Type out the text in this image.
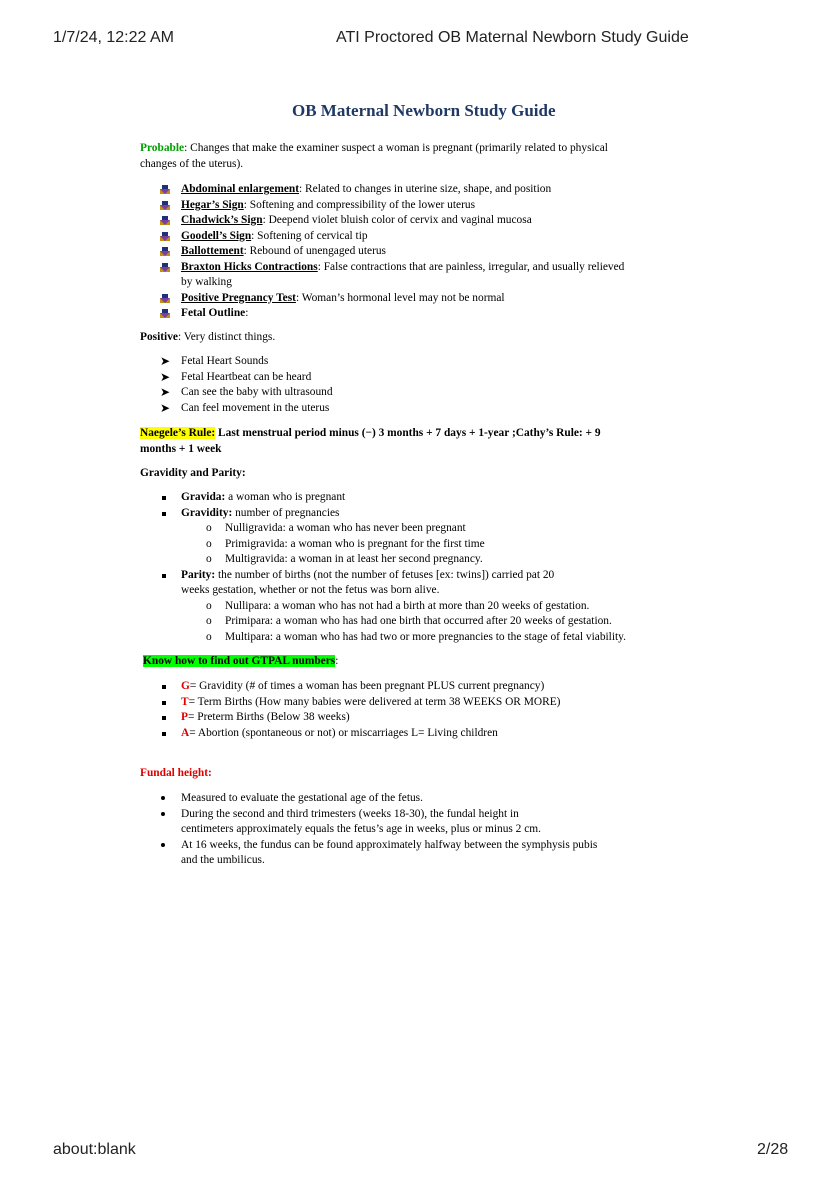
1/7/24, 12:22 AM	ATI Proctored OB Maternal Newborn Study Guide
OB Maternal Newborn Study Guide
Probable: Changes that make the examiner suspect a woman is pregnant (primarily related to physical
changes of the uterus).
Abdominal enlargement: Related to changes in uterine size, shape, and position
Hegar’s Sign: Softening and compressibility of the lower uterus
Chadwick’s Sign: Deepend violet bluish color of cervix and vaginal mucosa
Goodell’s Sign: Softening of cervical tip
Ballottement: Rebound of unengaged uterus
Braxton Hicks Contractions: False contractions that are painless, irregular, and usually relieved
by walking
Positive Pregnancy Test: Woman’s hormonal level may not be normal
Fetal Outline:
Positive: Very distinct things.
➤ Fetal Heart Sounds
➤ Fetal Heartbeat can be heard
➤ Can see the baby with ultrasound
➤ Can feel movement in the uterus
Naegele’s Rule: Last menstrual period minus (−) 3 months + 7 days + 1-year ;Cathy’s Rule: + 9
months + 1 week
Gravidity and Parity:
Gravida: a woman who is pregnant
Gravidity: number of pregnancies
o Nulligravida: a woman who has never been pregnant
o Primigravida: a woman who is pregnant for the first time
o Multigravida: a woman in at least her second pregnancy.
Parity: the number of births (not the number of fetuses [ex: twins]) carried pat 20
weeks gestation, whether or not the fetus was born alive.
o Nullipara: a woman who has not had a birth at more than 20 weeks of gestation.
o Primipara: a woman who has had one birth that occurred after 20 weeks of gestation.
o Multipara: a woman who has had two or more pregnancies to the stage of fetal viability.
Know how to find out GTPAL numbers:
G= Gravidity (# of times a woman has been pregnant PLUS current pregnancy)
T= Term Births (How many babies were delivered at term 38 WEEKS OR MORE)
P= Preterm Births (Below 38 weeks)
A= Abortion (spontaneous or not) or miscarriages L= Living children
Fundal height:
Measured to evaluate the gestational age of the fetus.
During the second and third trimesters (weeks 18-30), the fundal height in
centimeters approximately equals the fetus’s age in weeks, plus or minus 2 cm.
At 16 weeks, the fundus can be found approximately halfway between the symphysis pubis
and the umbilicus.
about:blank	2/28
